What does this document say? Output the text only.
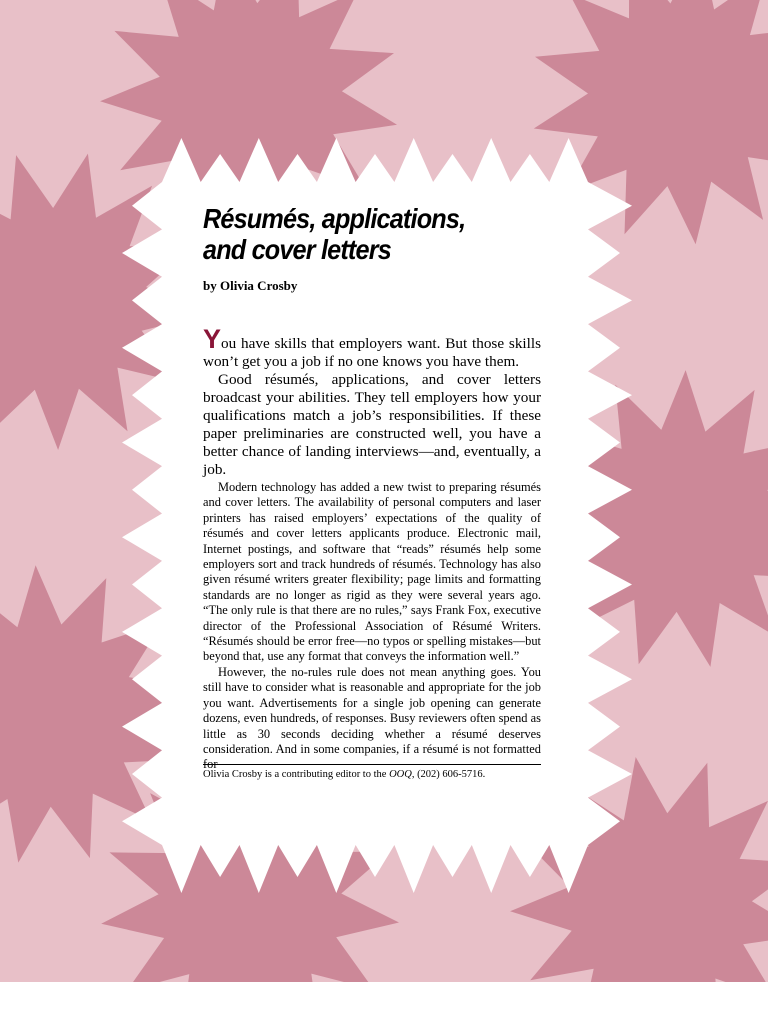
Résumés, applications,
and cover letters

by Olivia Crosby

You have skills that employers want. But those skills won’t get you a job if no one knows you have them.

Good résumés, applications, and cover letters broadcast your abilities. They tell employers how your qualifications match a job’s responsibilities. If these paper preliminaries are constructed well, you have a better chance of landing interviews—and, eventually, a job.

Modern technology has added a new twist to preparing résumés and cover letters. The availability of personal computers and laser printers has raised employers’ expectations of the quality of résumés and cover letters applicants produce. Electronic mail, Internet postings, and software that “reads” résumés help some employers sort and track hundreds of résumés. Technology has also given résumé writers greater flexibility; page limits and formatting standards are no longer as rigid as they were several years ago. “The only rule is that there are no rules,” says Frank Fox, executive director of the Professional Association of Résumé Writers. “Résumés should be error free—no typos or spelling mistakes—but beyond that, use any format that conveys the information well.”

However, the no-rules rule does not mean anything goes. You still have to consider what is reasonable and appropriate for the job you want. Advertisements for a single job opening can generate dozens, even hundreds, of responses. Busy reviewers often spend as little as 30 seconds deciding whether a résumé deserves consideration. And in some companies, if a résumé is not formatted for

Olivia Crosby is a contributing editor to the OOQ, (202) 606-5716.
